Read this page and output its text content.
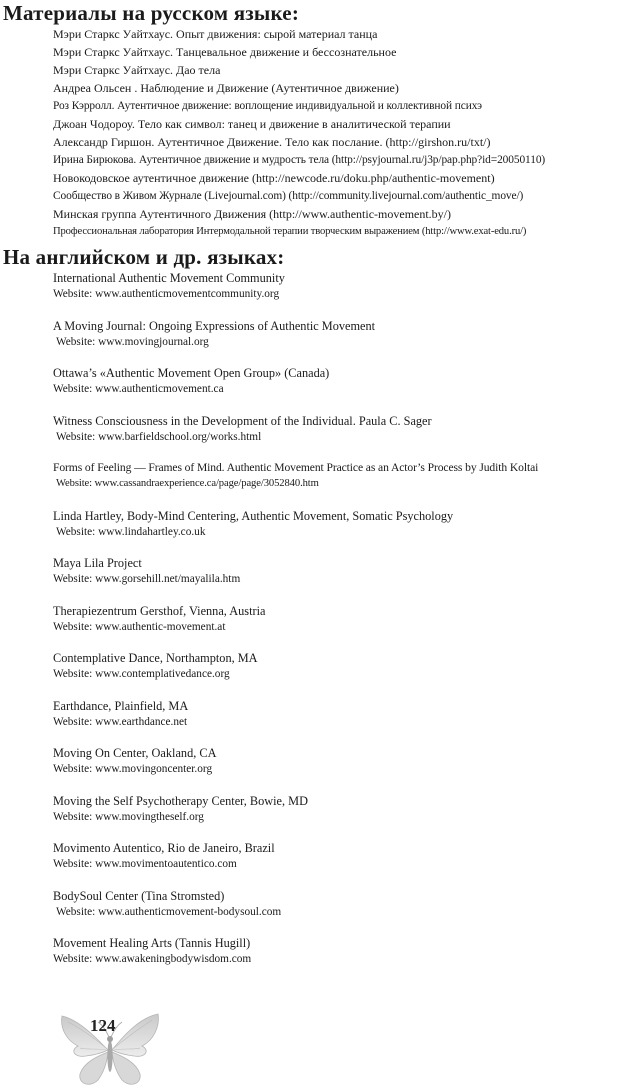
Материалы на русском языке:
Мэри Старкс Уайтхаус. Опыт движения: сырой материал танца
Мэри Старкс Уайтхаус. Танцевальное движение и бессознательное
Мэри Старкс Уайтхаус. Дао тела
Андреа Ольсен . Наблюдение и Движение (Аутентичное движение)
Роз Кэрролл. Аутентичное движение: воплощение индивидуальной и коллективной психэ
Джоан Чодороу. Тело как символ: танец и движение в аналитической терапии
Александр Гиршон. Аутентичное Движение. Тело как послание. (http://girshon.ru/txt/)
Ирина Бирюкова. Аутентичное движение и мудрость тела (http://psyjournal.ru/j3p/pap.php?id=20050110)
Новокодовское аутентичное движение (http://newcode.ru/doku.php/authentic-movement)
Сообщество в Живом Журнале (Livejournal.com) (http://community.livejournal.com/authentic_move/)
Минская группа Аутентичного Движения (http://www.authentic-movement.by/)
Профессиональная лаборатория Интермодальной терапии творческим выражением (http://www.exat-edu.ru/)
На английском и др. языках:
International Authentic Movement Community
Website: www.authenticmovementcommunity.org
A Moving Journal: Ongoing Expressions of Authentic Movement
Website: www.movingjournal.org
Ottawa’s «Authentic Movement Open Group» (Canada)
Website: www.authenticmovement.ca
Witness Consciousness in the Development of the Individual. Paula C. Sager
Website: www.barfieldschool.org/works.html
Forms of Feeling — Frames of Mind. Authentic Movement Practice as an Actor’s Process by Judith Koltai
Website: www.cassandraexperience.ca/page/page/3052840.htm
Linda Hartley, Body-Mind Centering, Authentic Movement, Somatic Psychology
Website: www.lindahartley.co.uk
Maya Lila Project
Website: www.gorsehill.net/mayalila.htm
Therapiezentrum Gersthof, Vienna, Austria
Website: www.authentic-movement.at
Contemplative Dance, Northampton, MA
Website: www.contemplativedance.org
Earthdance, Plainfield, MA
Website: www.earthdance.net
Moving On Center, Oakland, CA
Website: www.movingoncenter.org
Moving the Self Psychotherapy Center, Bowie, MD
Website: www.movingtheself.org
Movimento Autentico, Rio de Janeiro, Brazil
Website: www.movimentoautentico.com
BodySoul Center (Tina Stromsted)
Website: www.authenticmovement-bodysoul.com
Movement Healing Arts (Tannis Hugill)
Website: www.awakeningbodywisdom.com
124
